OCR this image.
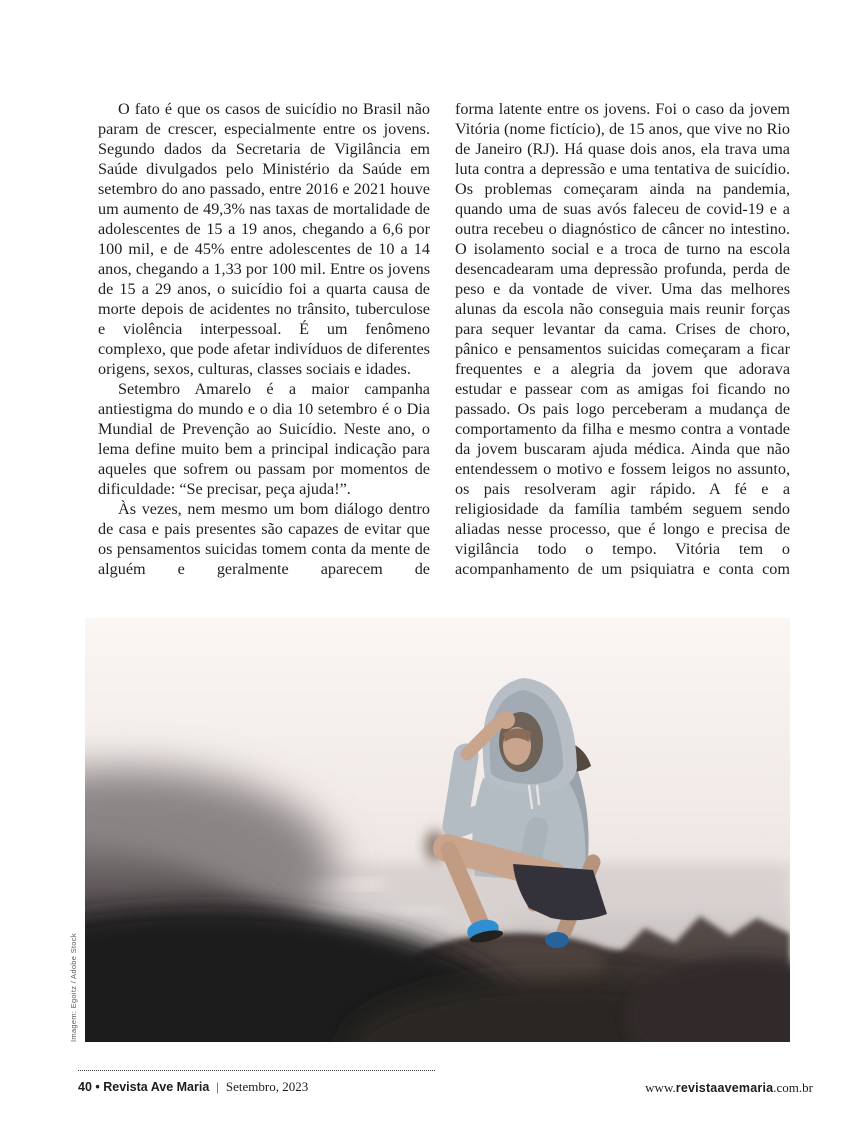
O fato é que os casos de suicídio no Brasil não param de crescer, especialmente entre os jovens. Segundo dados da Secretaria de Vigilância em Saúde divulgados pelo Ministério da Saúde em setembro do ano passado, entre 2016 e 2021 houve um aumento de 49,3% nas taxas de mortalidade de adolescentes de 15 a 19 anos, chegando a 6,6 por 100 mil, e de 45% entre adolescentes de 10 a 14 anos, chegando a 1,33 por 100 mil. Entre os jovens de 15 a 29 anos, o suicídio foi a quarta causa de morte depois de acidentes no trânsito, tuberculose e violência interpessoal. É um fenômeno complexo, que pode afetar indivíduos de diferentes origens, sexos, culturas, classes sociais e idades.

Setembro Amarelo é a maior campanha antiestigma do mundo e o dia 10 setembro é o Dia Mundial de Prevenção ao Suicídio. Neste ano, o lema define muito bem a principal indicação para aqueles que sofrem ou passam por momentos de dificuldade: “Se precisar, peça ajuda!”.

Às vezes, nem mesmo um bom diálogo dentro de casa e pais presentes são capazes de evitar que os pensamentos suicidas tomem conta da mente de alguém e geralmente aparecem de

forma latente entre os jovens. Foi o caso da jovem Vitória (nome fictício), de 15 anos, que vive no Rio de Janeiro (RJ). Há quase dois anos, ela trava uma luta contra a depressão e uma tentativa de suicídio. Os problemas começaram ainda na pandemia, quando uma de suas avós faleceu de covid-19 e a outra recebeu o diagnóstico de câncer no intestino. O isolamento social e a troca de turno na escola desencadearam uma depressão profunda, perda de peso e da vontade de viver. Uma das melhores alunas da escola não conseguia mais reunir forças para sequer levantar da cama. Crises de choro, pânico e pensamentos suicidas começaram a ficar frequentes e a alegria da jovem que adorava estudar e passear com as amigas foi ficando no passado. Os pais logo perceberam a mudança de comportamento da filha e mesmo contra a vontade da jovem buscaram ajuda médica. Ainda que não entendessem o motivo e fossem leigos no assunto, os pais resolveram agir rápido. A fé e a religiosidade da família também seguem sendo aliadas nesse processo, que é longo e precisa de vigilância todo o tempo. Vitória tem o acompanhamento de um psiquiatra e conta com

Imagem: Egoitz / Adobe Stock
40 • Revista Ave Maria | Setembro, 2023	www.revistaavemaria.com.br
